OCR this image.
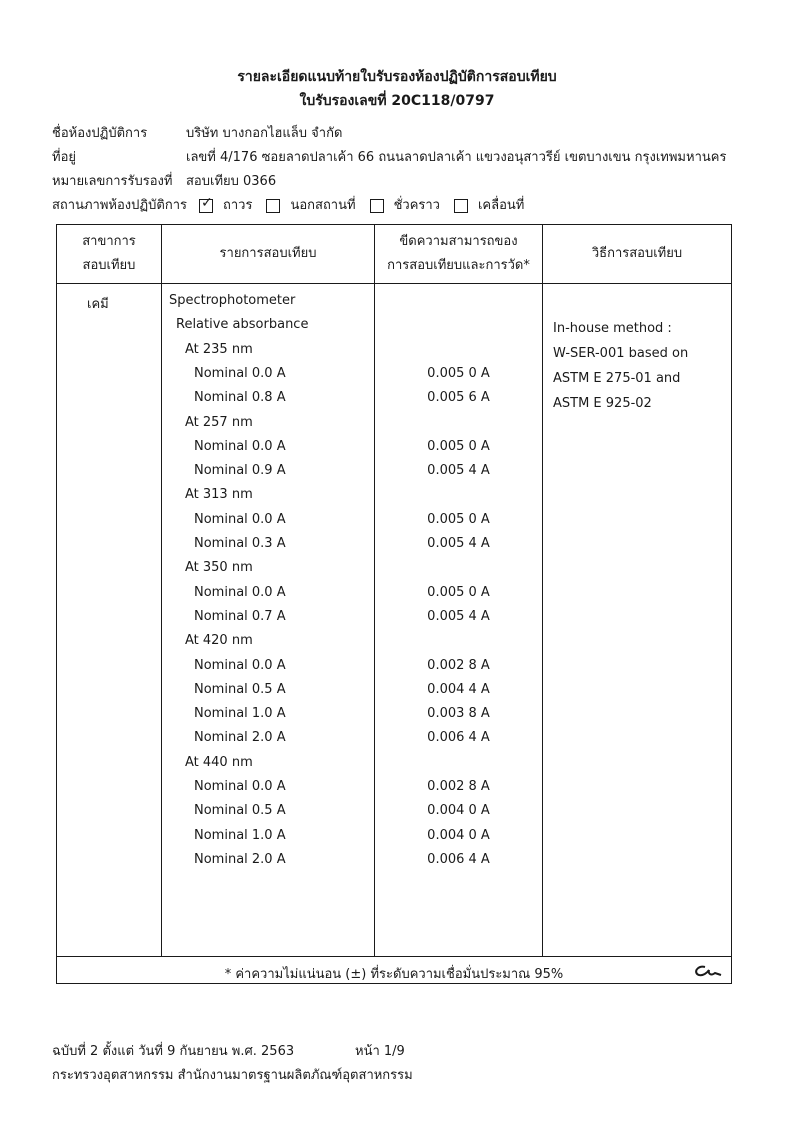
รายละเอียดแนบท้ายใบรับรองห้องปฏิบัติการสอบเทียบ
ใบรับรองเลขที่ 20C118/0797
ชื่อห้องปฏิบัติการ	บริษัท บางกอกไฮแล็บ จำกัด
ที่อยู่	เลขที่ 4/176 ซอยลาดปลาเค้า 66 ถนนลาดปลาเค้า แขวงอนุสาวรีย์ เขตบางเขน กรุงเทพมหานคร
หมายเลขการรับรองที่ สอบเทียบ 0366
สถานภาพห้องปฏิบัติการ
✓	ถาวร	นอกสถานที่	ชั่วคราว	เคลื่อนที่
สาขาการ
สอบเทียบ
รายการสอบเทียบ
ขีดความสามารถของ
การสอบเทียบและการวัด*
วิธีการสอบเทียบ
เคมี	Spectrophotometer
Relative absorbance
At 235 nm
Nominal 0.0 A	0.005 0 A
Nominal 0.8 A	0.005 6 A
At 257 nm
Nominal 0.0 A	0.005 0 A
Nominal 0.9 A	0.005 4 A
At 313 nm
Nominal 0.0 A	0.005 0 A
Nominal 0.3 A	0.005 4 A
At 350 nm
Nominal 0.0 A	0.005 0 A
Nominal 0.7 A	0.005 4 A
At 420 nm
Nominal 0.0 A	0.002 8 A
Nominal 0.5 A	0.004 4 A
Nominal 1.0 A	0.003 8 A
Nominal 2.0 A	0.006 4 A
At 440 nm
Nominal 0.0 A	0.002 8 A
Nominal 0.5 A	0.004 0 A
Nominal 1.0 A	0.004 0 A
Nominal 2.0 A	0.006 4 A
In-house method :
W-SER-001 based on
ASTM E 275-01 and
ASTM E 925-02
* ค่าความไม่แน่นอน (±) ที่ระดับความเชื่อมั่นประมาณ 95%
ฉบับที่ 2 ตั้งแต่ วันที่ 9 กันยายน พ.ศ. 2563	หน้า 1/9
กระทรวงอุตสาหกรรม สำนักงานมาตรฐานผลิตภัณฑ์อุตสาหกรรม
